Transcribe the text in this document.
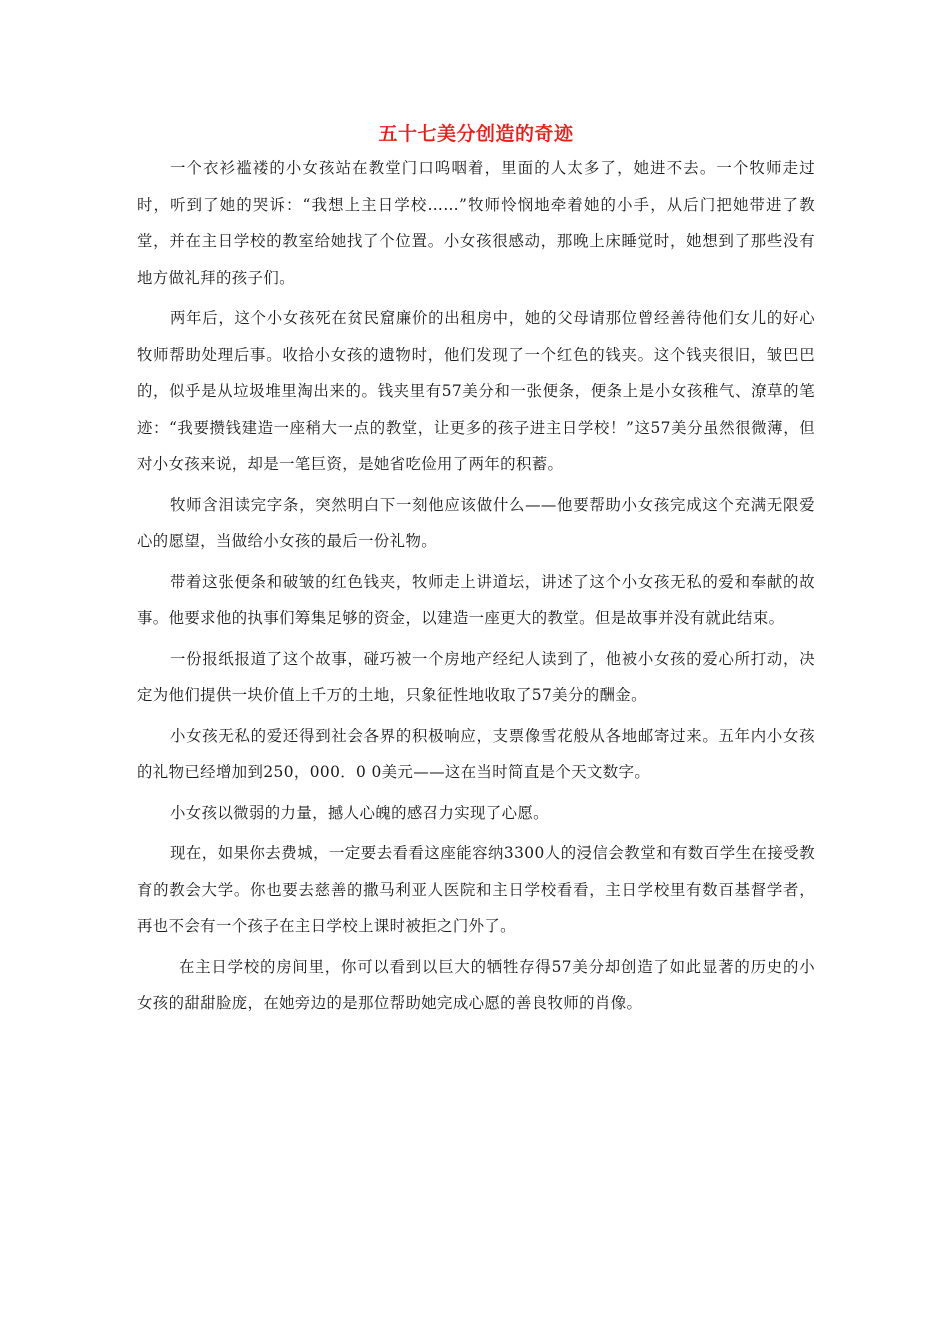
五十七美分创造的奇迹

一个衣衫褴褛的小女孩站在教堂门口呜咽着，里面的人太多了，她进不去。一个牧师走过时，听到了她的哭诉：“我想上主日学校……”牧师怜悯地牵着她的小手，从后门把她带进了教堂，并在主日学校的教室给她找了个位置。小女孩很感动，那晚上床睡觉时，她想到了那些没有地方做礼拜的孩子们。

两年后，这个小女孩死在贫民窟廉价的出租房中，她的父母请那位曾经善待他们女儿的好心牧师帮助处理后事。收拾小女孩的遗物时，他们发现了一个红色的钱夹。这个钱夹很旧，皱巴巴的，似乎是从垃圾堆里淘出来的。钱夹里有57美分和一张便条，便条上是小女孩稚气、潦草的笔迹：“我要攒钱建造一座稍大一点的教堂，让更多的孩子进主日学校！”这57美分虽然很微薄，但对小女孩来说，却是一笔巨资，是她省吃俭用了两年的积蓄。

牧师含泪读完字条，突然明白下一刻他应该做什么——他要帮助小女孩完成这个充满无限爱心的愿望，当做给小女孩的最后一份礼物。

带着这张便条和破皱的红色钱夹，牧师走上讲道坛，讲述了这个小女孩无私的爱和奉献的故事。他要求他的执事们筹集足够的资金，以建造一座更大的教堂。但是故事并没有就此结束。

一份报纸报道了这个故事，碰巧被一个房地产经纪人读到了，他被小女孩的爱心所打动，决定为他们提供一块价值上千万的土地，只象征性地收取了57美分的酬金。

小女孩无私的爱还得到社会各界的积极响应，支票像雪花般从各地邮寄过来。五年内小女孩的礼物已经增加到250，000．0 0美元——这在当时简直是个天文数字。

小女孩以微弱的力量，撼人心魄的感召力实现了心愿。

现在，如果你去费城，一定要去看看这座能容纳3300人的浸信会教堂和有数百学生在接受教育的教会大学。你也要去慈善的撒马利亚人医院和主日学校看看，主日学校里有数百基督学者，再也不会有一个孩子在主日学校上课时被拒之门外了。

在主日学校的房间里，你可以看到以巨大的牺牲存得57美分却创造了如此显著的历史的小女孩的甜甜脸庞，在她旁边的是那位帮助她完成心愿的善良牧师的肖像。
